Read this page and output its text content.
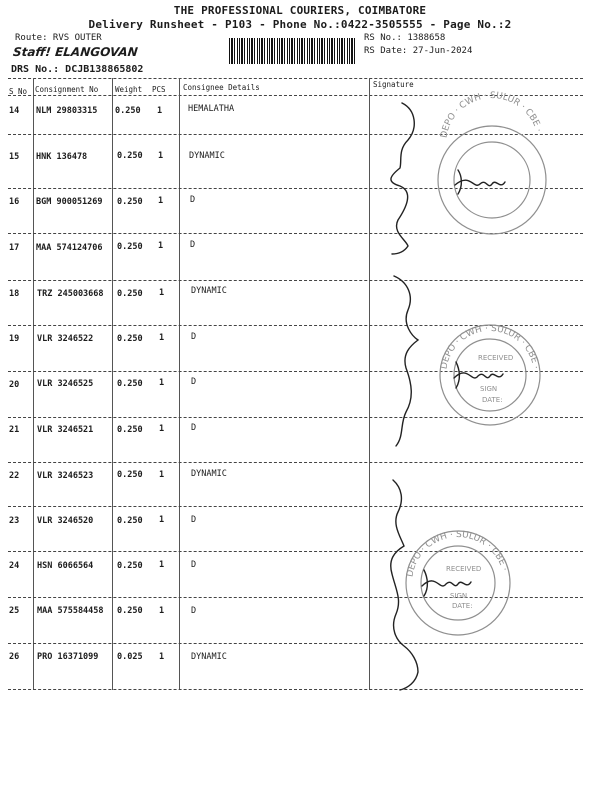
THE PROFESSIONAL COURIERS, COIMBATORE
Delivery Runsheet - P103 - Phone No.:0422-3505555 - Page No.:2
Route: RVS OUTER
Staff! ELANGOVAN
RS No.: 1388658
RS Date: 27-Jun-2024
DRS No.: DCJB138865802
S No Consignment No Weight PCS Consignee Details	Signature
14 NLM 29803315 0.250 1	HEMALATHA
15 HNK 136478	0.250 1	DYNAMIC
16 BGM 900051269 0.250 1	D
17 MAA 574124706 0.250 1	D
18 TRZ 245003668 0.250 1	DYNAMIC
19 VLR 3246522	0.250 1	D
20 VLR 3246525	0.250 1	D
21 VLR 3246521	0.250 1	D
22 VLR 3246523	0.250 1	DYNAMIC
23 VLR 3246520	0.250 1	D
24 HSN 6066564	0.250 1	D
25 MAA 575584458 0.250 1	D
26 PRO 16371099 0.025 1	DYNAMIC
DEPO · CWH · SULUR · CBE ·
DEPO · CWH · SULUR · CBE ·
RECEIVED
SIGN
DATE:
DEPO · CWH · SULUR · CBE ·
RECEIVED
SIGN
DATE:
